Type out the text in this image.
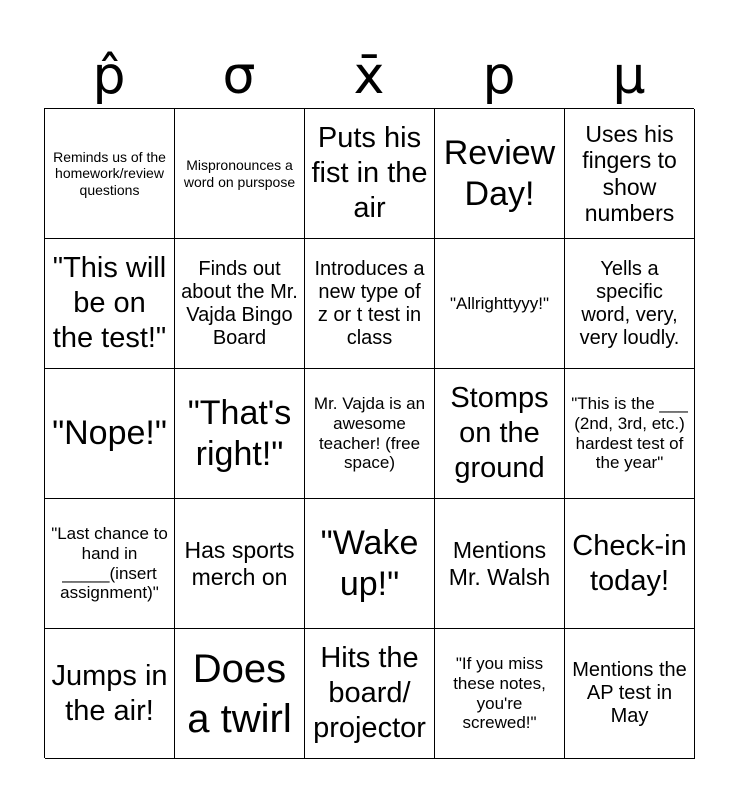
p̂	σ	x̄	p	μ
Reminds us of the homework/review questions
Mispronounces a word on purspose
Puts his fist in the air
Review Day!
Uses his fingers to show numbers
"This will be on the test!"
Finds out about the Mr. Vajda Bingo Board
Introduces a new type of z or t test in class
"Allrighttyyy!"
Yells a specific word, very, very loudly.
"Nope!"
"That's right!"
Mr. Vajda is an awesome teacher! (free space)
Stomps on the ground
"This is the ___ (2nd, 3rd, etc.) hardest test of the year"
"Last chance to hand in _____(insert assignment)"
Has sports merch on
"Wake up!"
Mentions Mr. Walsh
Check-in today!
Jumps in the air!
Does a twirl
Hits the board/ projector
"If you miss these notes, you're screwed!"
Mentions the AP test in May
